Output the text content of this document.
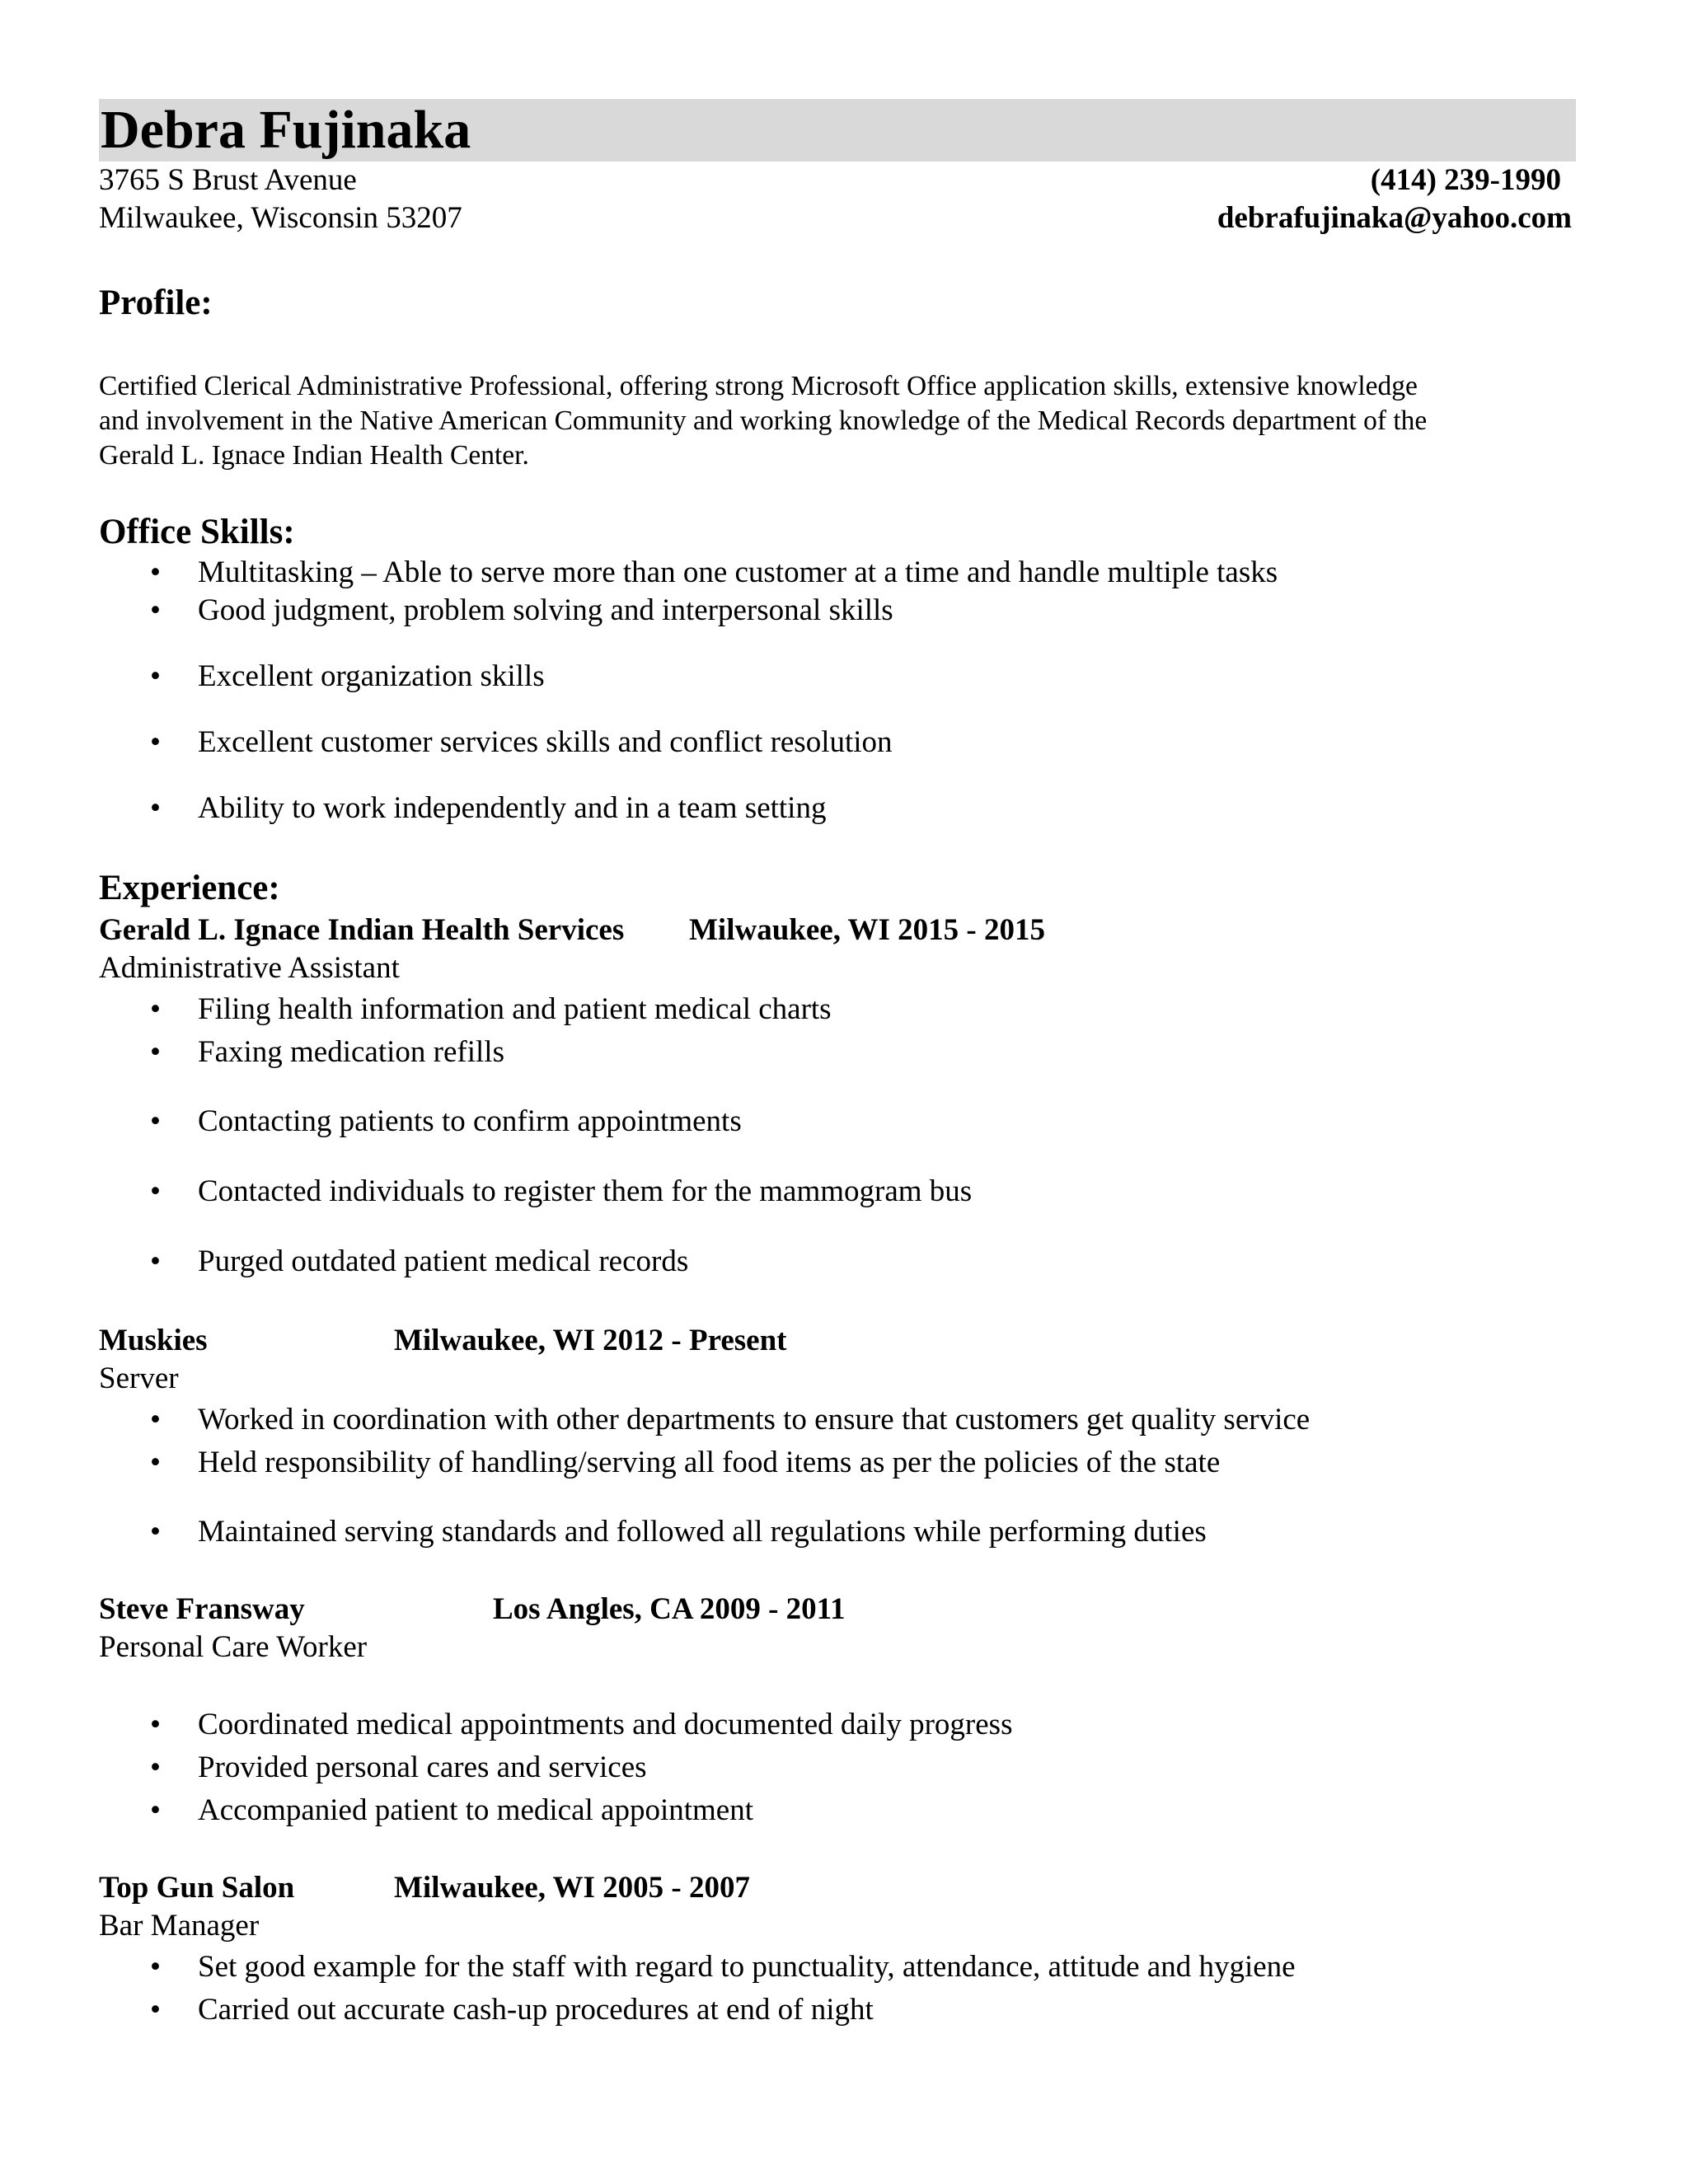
Debra Fujinaka
3765 S Brust Avenue
Milwaukee, Wisconsin 53207
(414) 239-1990
debrafujinaka@yahoo.com
Profile:
Certified Clerical Administrative Professional, offering strong Microsoft Office application skills, extensive knowledge
and involvement in the Native American Community and working knowledge of the Medical Records department of the
Gerald L. Ignace Indian Health Center.
Office Skills:
•	Multitasking – Able to serve more than one customer at a time and handle multiple tasks
•	Good judgment, problem solving and interpersonal skills
•	Excellent organization skills
•	Excellent customer services skills and conflict resolution
•	Ability to work independently and in a team setting
Experience:
Gerald L. Ignace Indian Health Services Milwaukee, WI 2015 - 2015
Administrative Assistant
•	Filing health information and patient medical charts
•	Faxing medication refills
•	Contacting patients to confirm appointments
•	Contacted individuals to register them for the mammogram bus
•	Purged outdated patient medical records
Muskies	Milwaukee, WI 2012 - Present
Server
•	Worked in coordination with other departments to ensure that customers get quality service
•	Held responsibility of handling/serving all food items as per the policies of the state
•	Maintained serving standards and followed all regulations while performing duties
Steve Fransway	Los Angles, CA 2009 - 2011
Personal Care Worker
•	Coordinated medical appointments and documented daily progress
•	Provided personal cares and services
•	Accompanied patient to medical appointment
Top Gun Salon	Milwaukee, WI 2005 - 2007
Bar Manager
•	Set good example for the staff with regard to punctuality, attendance, attitude and hygiene
•	Carried out accurate cash-up procedures at end of night
